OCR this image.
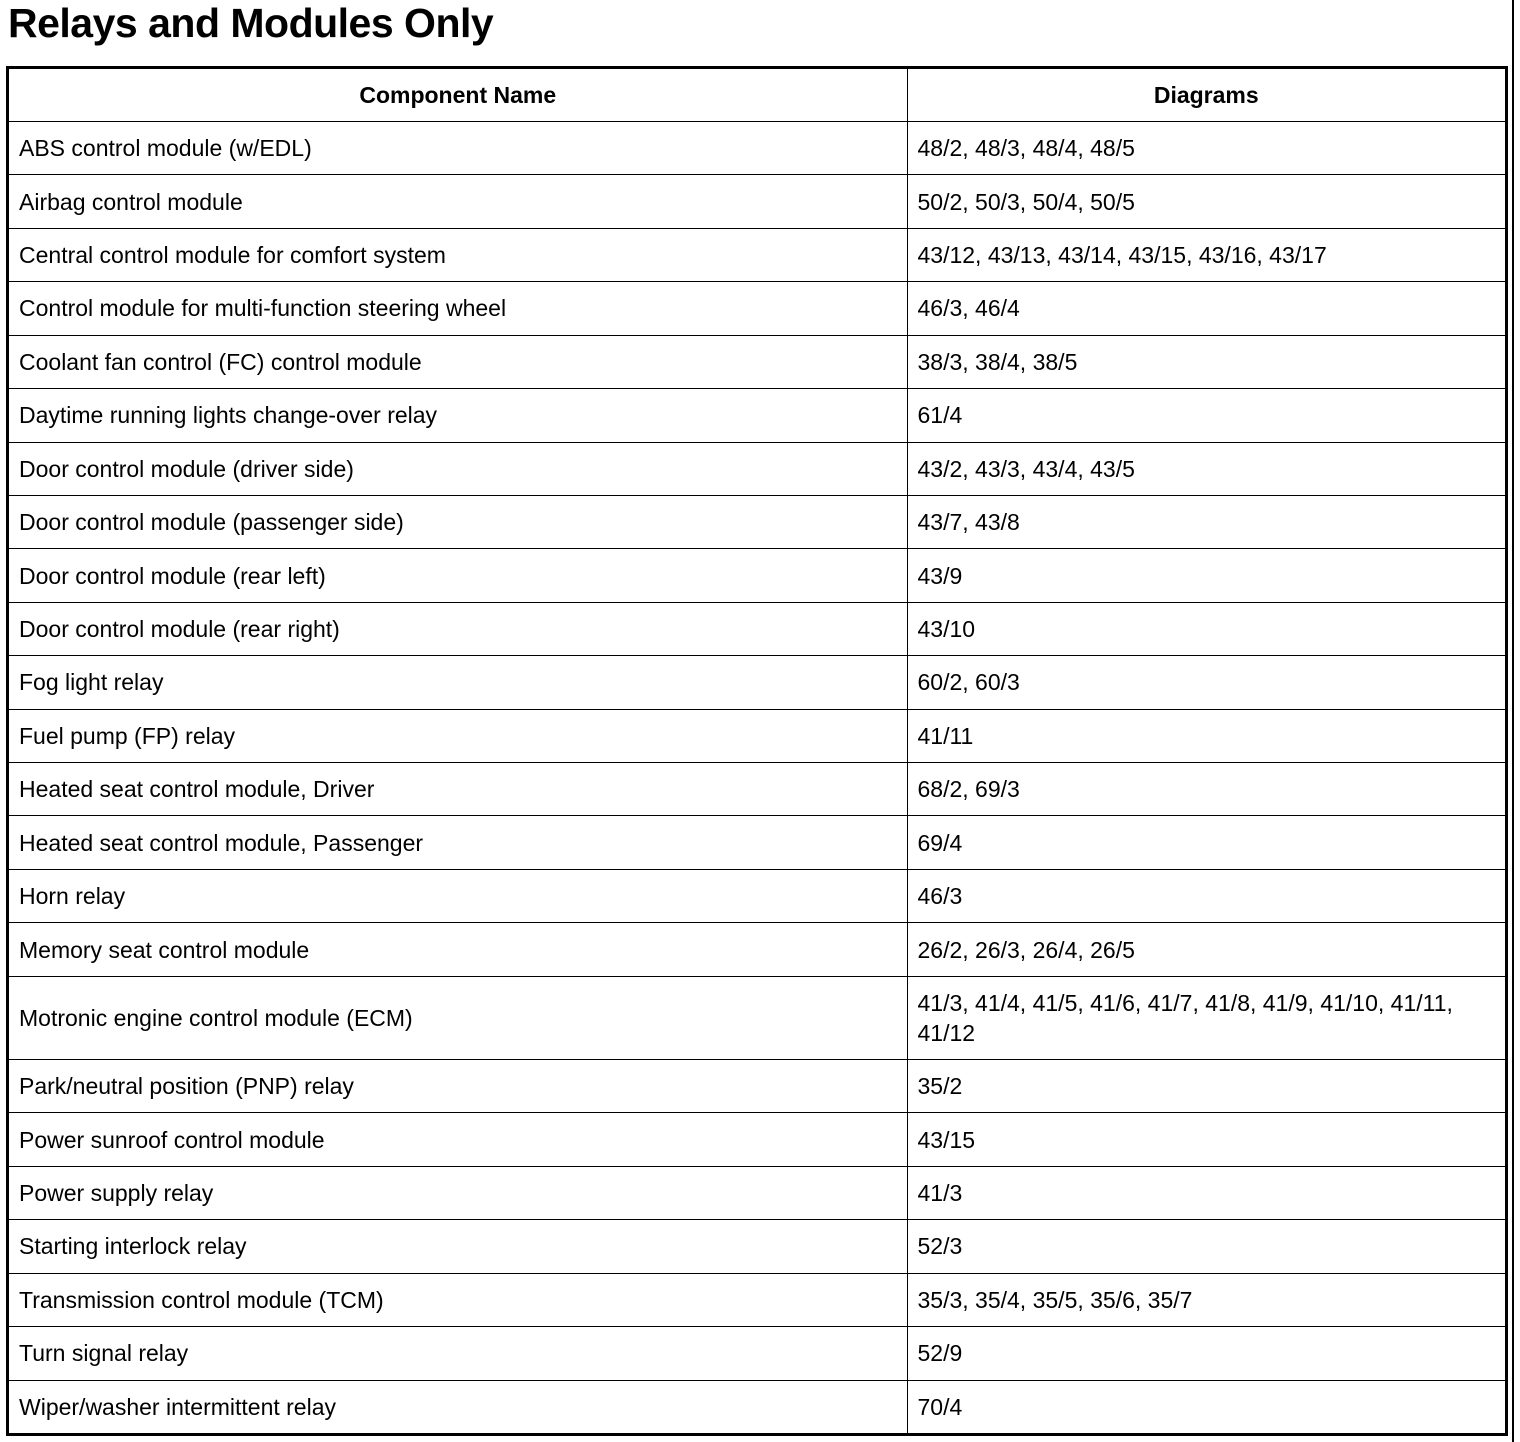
Relays and Modules Only
Component Name	Diagrams
ABS control module (w/EDL)	48/2, 48/3, 48/4, 48/5
Airbag control module	50/2, 50/3, 50/4, 50/5
Central control module for comfort system	43/12, 43/13, 43/14, 43/15, 43/16, 43/17
Control module for multi-function steering wheel	46/3, 46/4
Coolant fan control (FC) control module	38/3, 38/4, 38/5
Daytime running lights change-over relay	61/4
Door control module (driver side)	43/2, 43/3, 43/4, 43/5
Door control module (passenger side)	43/7, 43/8
Door control module (rear left)	43/9
Door control module (rear right)	43/10
Fog light relay	60/2, 60/3
Fuel pump (FP) relay	41/11
Heated seat control module, Driver	68/2, 69/3
Heated seat control module, Passenger	69/4
Horn relay	46/3
Memory seat control module	26/2, 26/3, 26/4, 26/5
Motronic engine control module (ECM)	41/3, 41/4, 41/5, 41/6, 41/7, 41/8, 41/9, 41/10, 41/11, 41/12
Park/neutral position (PNP) relay	35/2
Power sunroof control module	43/15
Power supply relay	41/3
Starting interlock relay	52/3
Transmission control module (TCM)	35/3, 35/4, 35/5, 35/6, 35/7
Turn signal relay	52/9
Wiper/washer intermittent relay	70/4
